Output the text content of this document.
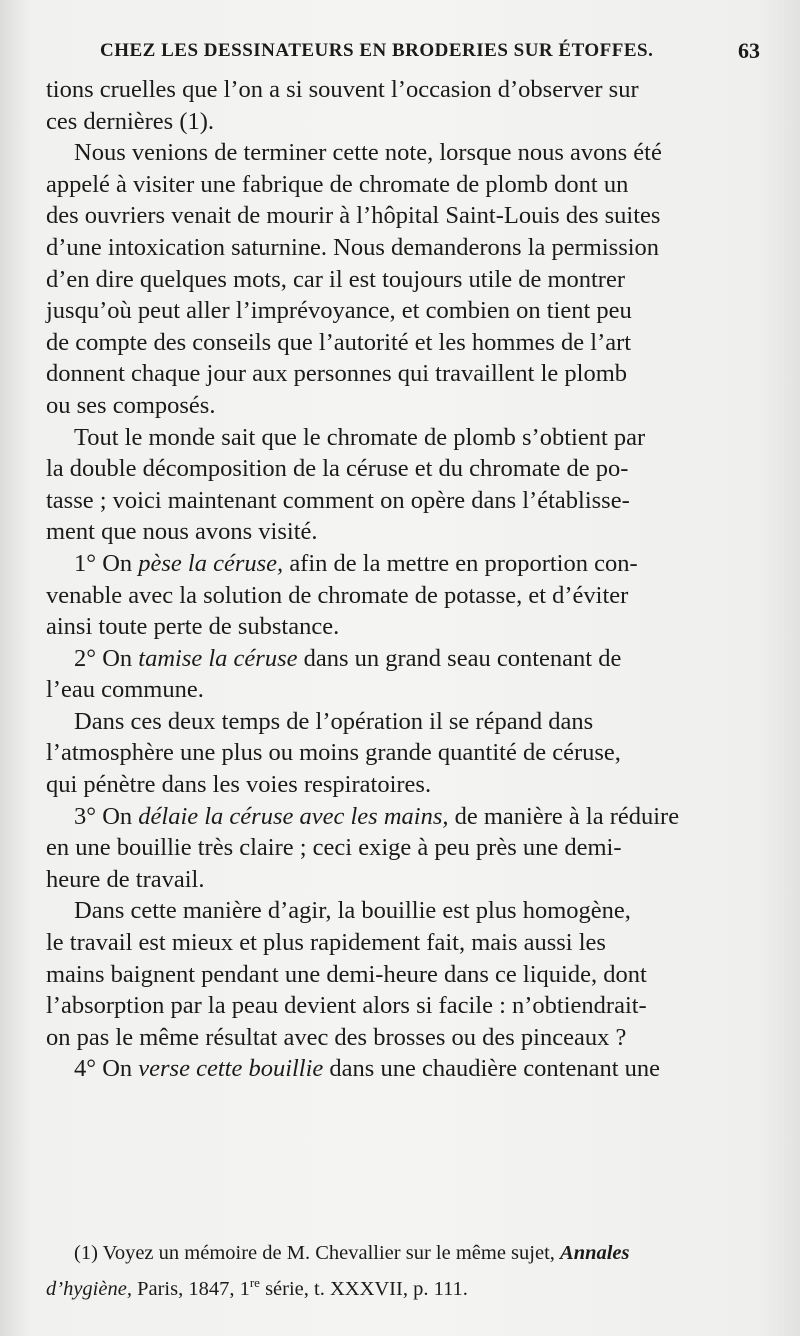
CHEZ LES DESSINATEURS EN BRODERIES SUR ÉTOFFES.	63

tions cruelles que l’on a si souvent l’occasion d’observer sur
ces dernières (1).

Nous venions de terminer cette note, lorsque nous avons été
appelé à visiter une fabrique de chromate de plomb dont un
des ouvriers venait de mourir à l’hôpital Saint-Louis des suites
d’une intoxication saturnine. Nous demanderons la permission
d’en dire quelques mots, car il est toujours utile de montrer
jusqu’où peut aller l’imprévoyance, et combien on tient peu
de compte des conseils que l’autorité et les hommes de l’art
donnent chaque jour aux personnes qui travaillent le plomb
ou ses composés.

Tout le monde sait que le chromate de plomb s’obtient par
la double décomposition de la céruse et du chromate de po-
tasse ; voici maintenant comment on opère dans l’établisse-
ment que nous avons visité.

1° On pèse la céruse, afin de la mettre en proportion con-
venable avec la solution de chromate de potasse, et d’éviter
ainsi toute perte de substance.

2° On tamise la céruse dans un grand seau contenant de
l’eau commune.

Dans ces deux temps de l’opération il se répand dans
l’atmosphère une plus ou moins grande quantité de céruse,
qui pénètre dans les voies respiratoires.

3° On délaie la céruse avec les mains, de manière à la réduire
en une bouillie très claire ; ceci exige à peu près une demi-
heure de travail.

Dans cette manière d’agir, la bouillie est plus homogène,
le travail est mieux et plus rapidement fait, mais aussi les
mains baignent pendant une demi-heure dans ce liquide, dont
l’absorption par la peau devient alors si facile : n’obtiendrait-
on pas le même résultat avec des brosses ou des pinceaux ?

4° On verse cette bouillie dans une chaudière contenant une

(1) Voyez un mémoire de M. Chevallier sur le même sujet, Annales
d’hygiène, Paris, 1847, 1re série, t. XXXVII, p. 111.
